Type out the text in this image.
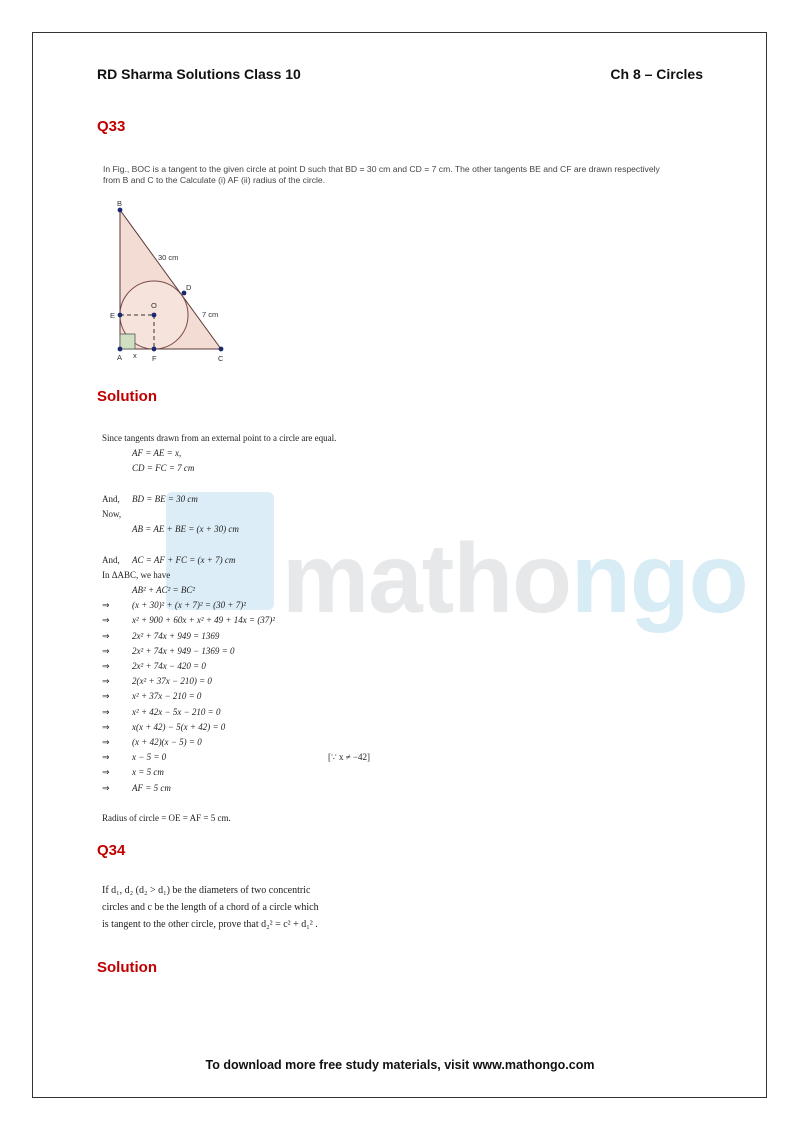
RD Sharma Solutions Class 10	Ch 8 – Circles
Q33
In Fig., BOC is a tangent to the given circle at point D such that BD = 30 cm and CD = 7 cm. The other tangents BE and CF are drawn respectively from B and C to the Calculate (i) AF (ii) radius of the circle.
B
D
O
E
A x F	C
30 cm
7 cm
Solution
mathongo
Since tangents drawn from an external point to a circle are equal.
AF = AE = x,
CD = FC = 7 cm
And, BD = BE = 30 cm
Now,
AB = AE + BE = (x + 30) cm
And, AC = AF + FC = (x + 7) cm
In ΔABC, we have
AB² + AC² = BC²
⇒ (x + 30)² + (x + 7)² = (30 + 7)²
⇒ x² + 900 + 60x + x² + 49 + 14x = (37)²
⇒ 2x² + 74x + 949 = 1369
⇒ 2x² + 74x + 949 − 1369 = 0
⇒ 2x² + 74x − 420 = 0
⇒ 2(x² + 37x − 210) = 0
⇒ x² + 37x − 210 = 0
⇒ x² + 42x − 5x − 210 = 0
⇒ x(x + 42) − 5(x + 42) = 0
⇒ (x + 42)(x − 5) = 0
⇒ x − 5 = 0	[∵ x ≠ −42]
⇒ x = 5 cm
⇒ AF = 5 cm
Radius of circle = OE = AF = 5 cm.
Q34
If d₁, d₂ (d₂ > d₁) be the diameters of two concentric
circles and c be the length of a chord of a circle which
is tangent to the other circle, prove that d₂² = c² + d₁² .
Solution
To download more free study materials, visit www.mathongo.com
